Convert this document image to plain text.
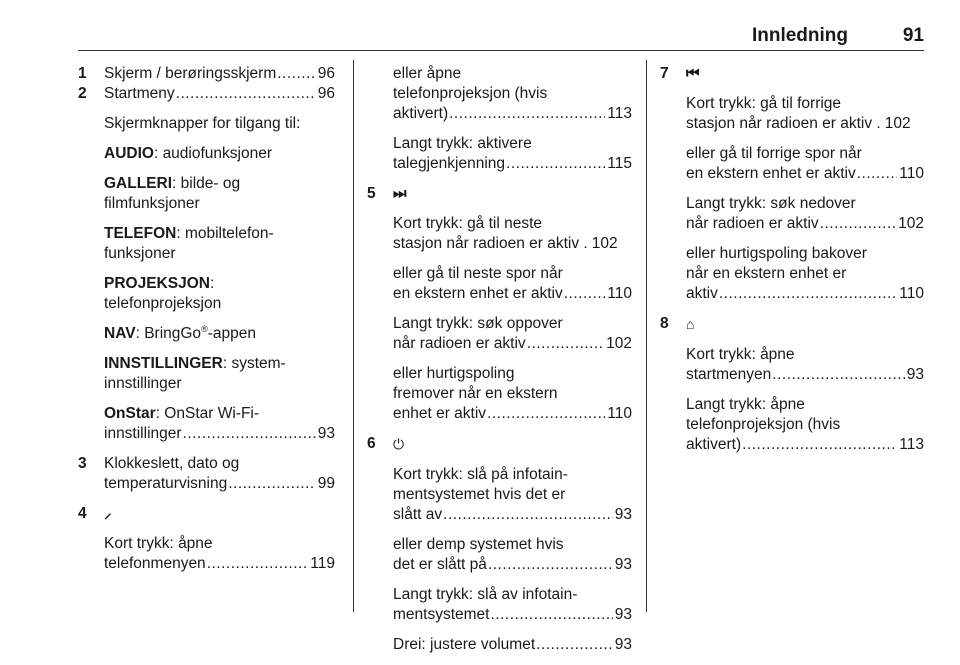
Innledning	91
1	Skjerm / berøringsskjerm .....	96
2	Startmeny .....	96
Skjermknapper for tilgang til:
AUDIO: audiofunksjoner
GALLERI: bilde- og
filmfunksjoner
TELEFON: mobiltelefon-
funksjoner
PROJEKSJON:
telefonprojeksjon
NAV: BringGo®-appen
INNSTILLINGER: system-
innstillinger
OnStar: OnStar Wi-Fi-
innstillinger .....	93
3	Klokkeslett, dato og
temperaturvisning .....	99
4	⸝
Kort trykk: åpne
telefonmenyen .....	119
eller åpne
telefonprojeksjon (hvis
aktivert) .....	113
Langt trykk: aktivere
talegjenkjenning .....	115
5	⏭
Kort trykk: gå til neste
stasjon når radioen er aktiv . 102
eller gå til neste spor når
en ekstern enhet er aktiv .....	110
Langt trykk: søk oppover
når radioen er aktiv .....	102
eller hurtigspoling
fremover når en ekstern
enhet er aktiv .....	110
6	⏻
Kort trykk: slå på infotain-
mentsystemet hvis det er
slått av .....	93
eller demp systemet hvis
det er slått på .....	93
Langt trykk: slå av infotain-
mentsystemet .....	93
Drei: justere volumet .....	93
7	⏮
Kort trykk: gå til forrige
stasjon når radioen er aktiv . 102
eller gå til forrige spor når
en ekstern enhet er aktiv .....	110
Langt trykk: søk nedover
når radioen er aktiv .....	102
eller hurtigspoling bakover
når en ekstern enhet er
aktiv .....	110
8	⌂
Kort trykk: åpne
startmenyen .....	93
Langt trykk: åpne
telefonprojeksjon (hvis
aktivert) .....	113
